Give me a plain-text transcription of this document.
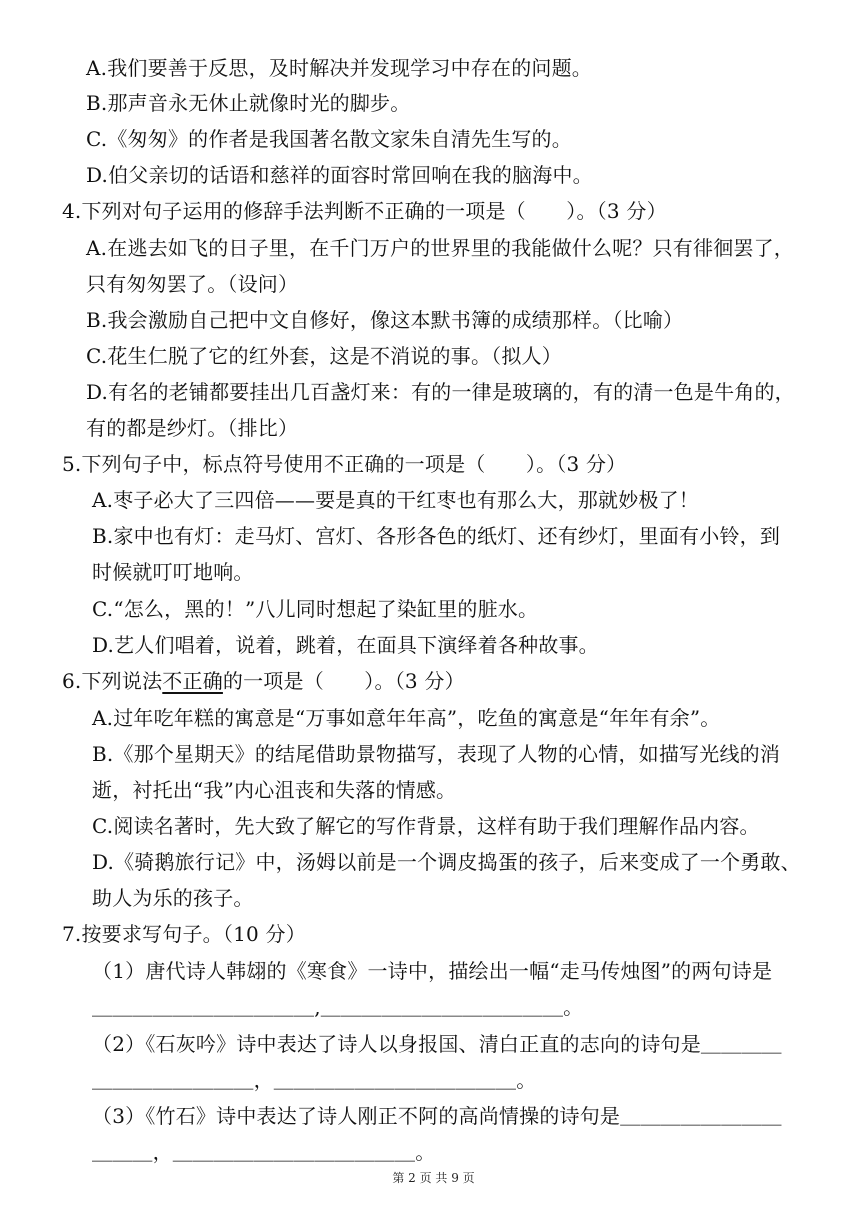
A.我们要善于反思，及时解决并发现学习中存在的问题。
B.那声音永无休止就像时光的脚步。
C.《匆匆》的作者是我国著名散文家朱自清先生写的。
D.伯父亲切的话语和慈祥的面容时常回响在我的脑海中。
4.下列对句子运用的修辞手法判断不正确的一项是（　　）。（3 分）
A.在逃去如飞的日子里，在千门万户的世界里的我能做什么呢？只有徘徊罢了，
只有匆匆罢了。（设问）
B.我会激励自己把中文自修好，像这本默书簿的成绩那样。（比喻）
C.花生仁脱了它的红外套，这是不消说的事。（拟人）
D.有名的老铺都要挂出几百盏灯来：有的一律是玻璃的，有的清一色是牛角的，
有的都是纱灯。（排比）
5.下列句子中，标点符号使用不正确的一项是（　　）。（3 分）
A.枣子必大了三四倍——要是真的干红枣也有那么大，那就妙极了！
B.家中也有灯：走马灯、宫灯、各形各色的纸灯、还有纱灯，里面有小铃，到
时候就叮叮地响。
C.“怎么，黑的！”八儿同时想起了染缸里的脏水。
D.艺人们唱着，说着，跳着，在面具下演绎着各种故事。
6.下列说法不正确的一项是（　　）。（3 分）
A.过年吃年糕的寓意是“万事如意年年高”，吃鱼的寓意是“年年有余”。
B.《那个星期天》的结尾借助景物描写，表现了人物的心情，如描写光线的消
逝，衬托出“我”内心沮丧和失落的情感。
C.阅读名著时，先大致了解它的写作背景，这样有助于我们理解作品内容。
D.《骑鹅旅行记》中，汤姆以前是一个调皮捣蛋的孩子，后来变成了一个勇敢、
助人为乐的孩子。
7.按要求写句子。（10 分）
（1）唐代诗人韩翃的《寒食》一诗中，描绘出一幅“走马传烛图”的两句诗是
＿＿＿＿＿＿＿＿＿＿＿,＿＿＿＿＿＿＿＿＿＿＿＿。
（2）《石灰吟》诗中表达了诗人以身报国、清白正直的志向的诗句是＿＿＿＿
＿＿＿＿＿＿＿＿，＿＿＿＿＿＿＿＿＿＿＿＿。
（3）《竹石》诗中表达了诗人刚正不阿的高尚情操的诗句是＿＿＿＿＿＿＿＿
＿＿＿，＿＿＿＿＿＿＿＿＿＿＿＿。
第 2 页 共 9 页
